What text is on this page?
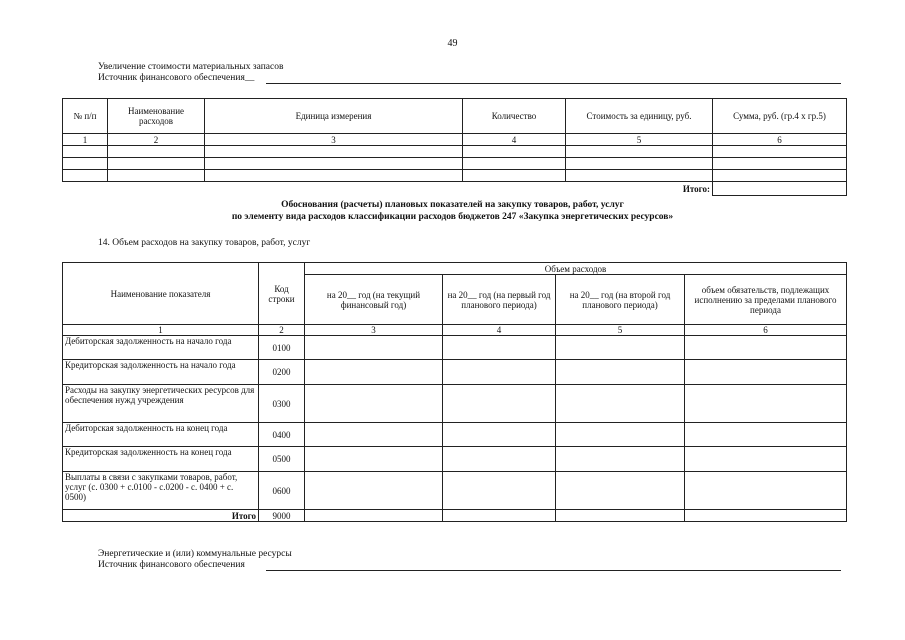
49
Увеличение стоимости материальных запасов
Источник финансового обеспечения__
№ п/п	Наименование расходов	Единица измерения	Количество	Стоимость за единицу, руб.	Сумма, руб. (гр.4 х гр.5)
1	2	3	4	5	6

				Итого:	
Обоснования (расчеты) плановых показателей на закупку товаров, работ, услуг
по элементу вида расходов классификации расходов бюджетов 247 «Закупка энергетических ресурсов»
14. Объем расходов на закупку товаров, работ, услуг
Наименование показателя	Код строки	Объем расходов			
		на 20__ год (на текущий финансовый год)	на 20__ год (на первый год планового периода)	на 20__ год (на второй год планового периода)	объем обязательств, подлежащих исполнению за пределами планового периода
1	2	3	4	5	6
Дебиторская задолженность на начало года	0100				
Кредиторская задолженность на начало года	0200				
Расходы на закупку энергетических ресурсов для обеспечения нужд учреждения	0300				
Дебиторская задолженность на конец года	0400				
Кредиторская задолженность на конец года	0500				
Выплаты в связи с закупками товаров, работ, услуг (с. 0300 + с.0100 - с.0200 - с. 0400 + с. 0500)	0600				
Итого	9000				
Энергетические и (или) коммунальные ресурсы
Источник финансового обеспечения
